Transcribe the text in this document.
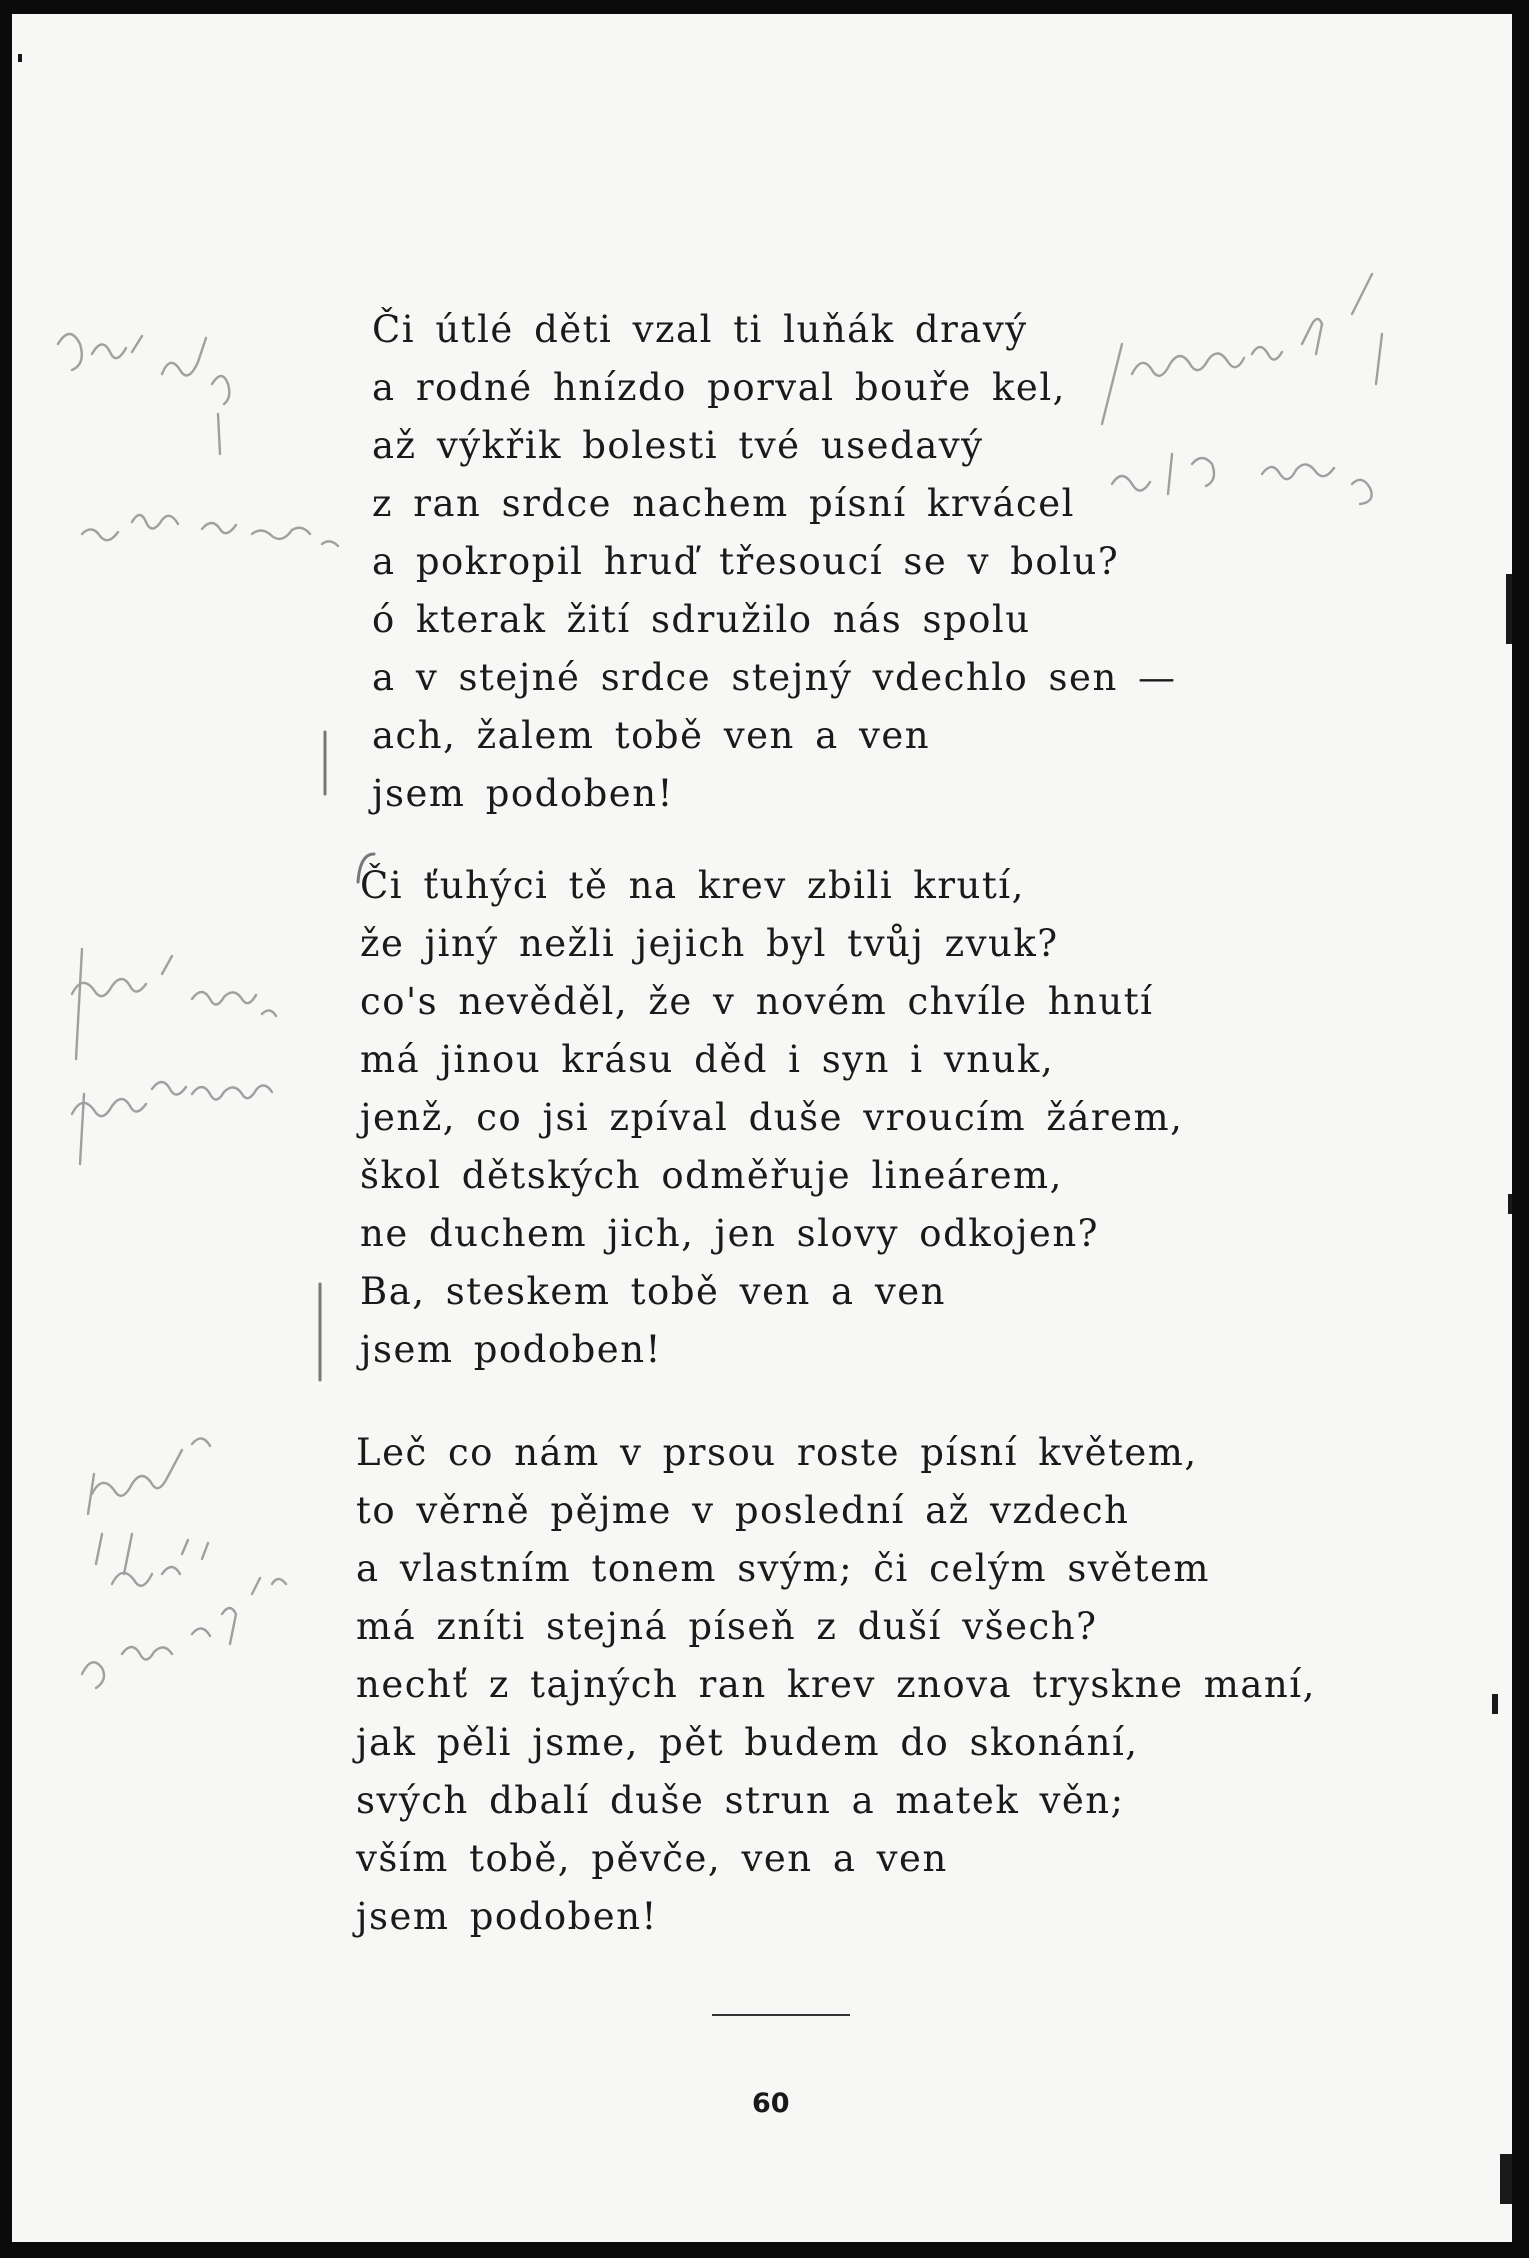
Či útlé děti vzal ti luňák dravý
a rodné hnízdo porval bouře kel,
až výkřik bolesti tvé usedavý
z ran srdce nachem písní krvácel
a pokropil hruď třesoucí se v bolu?
ó kterak žití sdružilo nás spolu
a v stejné srdce stejný vdechlo sen —
ach, žalem tobě ven a ven
jsem podoben!
Či ťuhýci tě na krev zbili krutí,
že jiný nežli jejich byl tvůj zvuk?
co's nevěděl, že v novém chvíle hnutí
má jinou krásu děd i syn i vnuk,
jenž, co jsi zpíval duše vroucím žárem,
škol dětských odměřuje lineárem,
ne duchem jich, jen slovy odkojen?
Ba, steskem tobě ven a ven
jsem podoben!
Leč co nám v prsou roste písní květem,
to věrně pějme v poslední až vzdech
a vlastním tonem svým; či celým světem
má zníti stejná píseň z duší všech?
nechť z tajných ran krev znova tryskne maní,
jak pěli jsme, pět budem do skonání,
svých dbalí duše strun a matek věn;
vším tobě, pěvče, ven a ven
jsem podoben!
60
